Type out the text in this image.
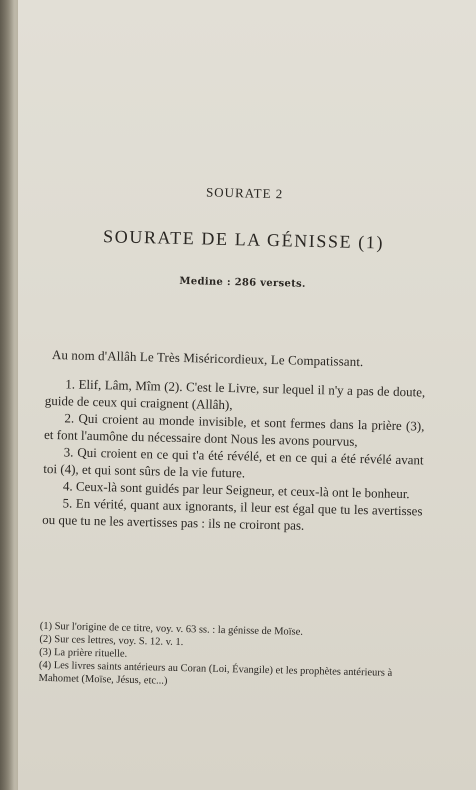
SOURATE 2
SOURATE DE LA GÉNISSE (1)
Medine : 286 versets.
Au nom d'Allâh Le Très Miséricordieux, Le Compatissant.

1. Elif, Lâm, Mîm (2). C'est le Livre, sur lequel il n'y a pas de doute, guide de ceux qui craignent (Allâh),

2. Qui croient au monde invisible, et sont fermes dans la prière (3), et font l'aumône du nécessaire dont Nous les avons pourvus,

3. Qui croient en ce qui t'a été révélé, et en ce qui a été révélé avant toi (4), et qui sont sûrs de la vie future.

4. Ceux-là sont guidés par leur Seigneur, et ceux-là ont le bonheur.

5. En vérité, quant aux ignorants, il leur est égal que tu les avertisses ou que tu ne les avertisses pas : ils ne croiront pas.

(1) Sur l'origine de ce titre, voy. v. 63 ss. : la génisse de Moïse.

(2) Sur ces lettres, voy. S. 12. v. 1.

(3) La prière rituelle.

(4) Les livres saints antérieurs au Coran (Loi, Évangile) et les prophètes antérieurs à Mahomet (Moïse, Jésus, etc...)
